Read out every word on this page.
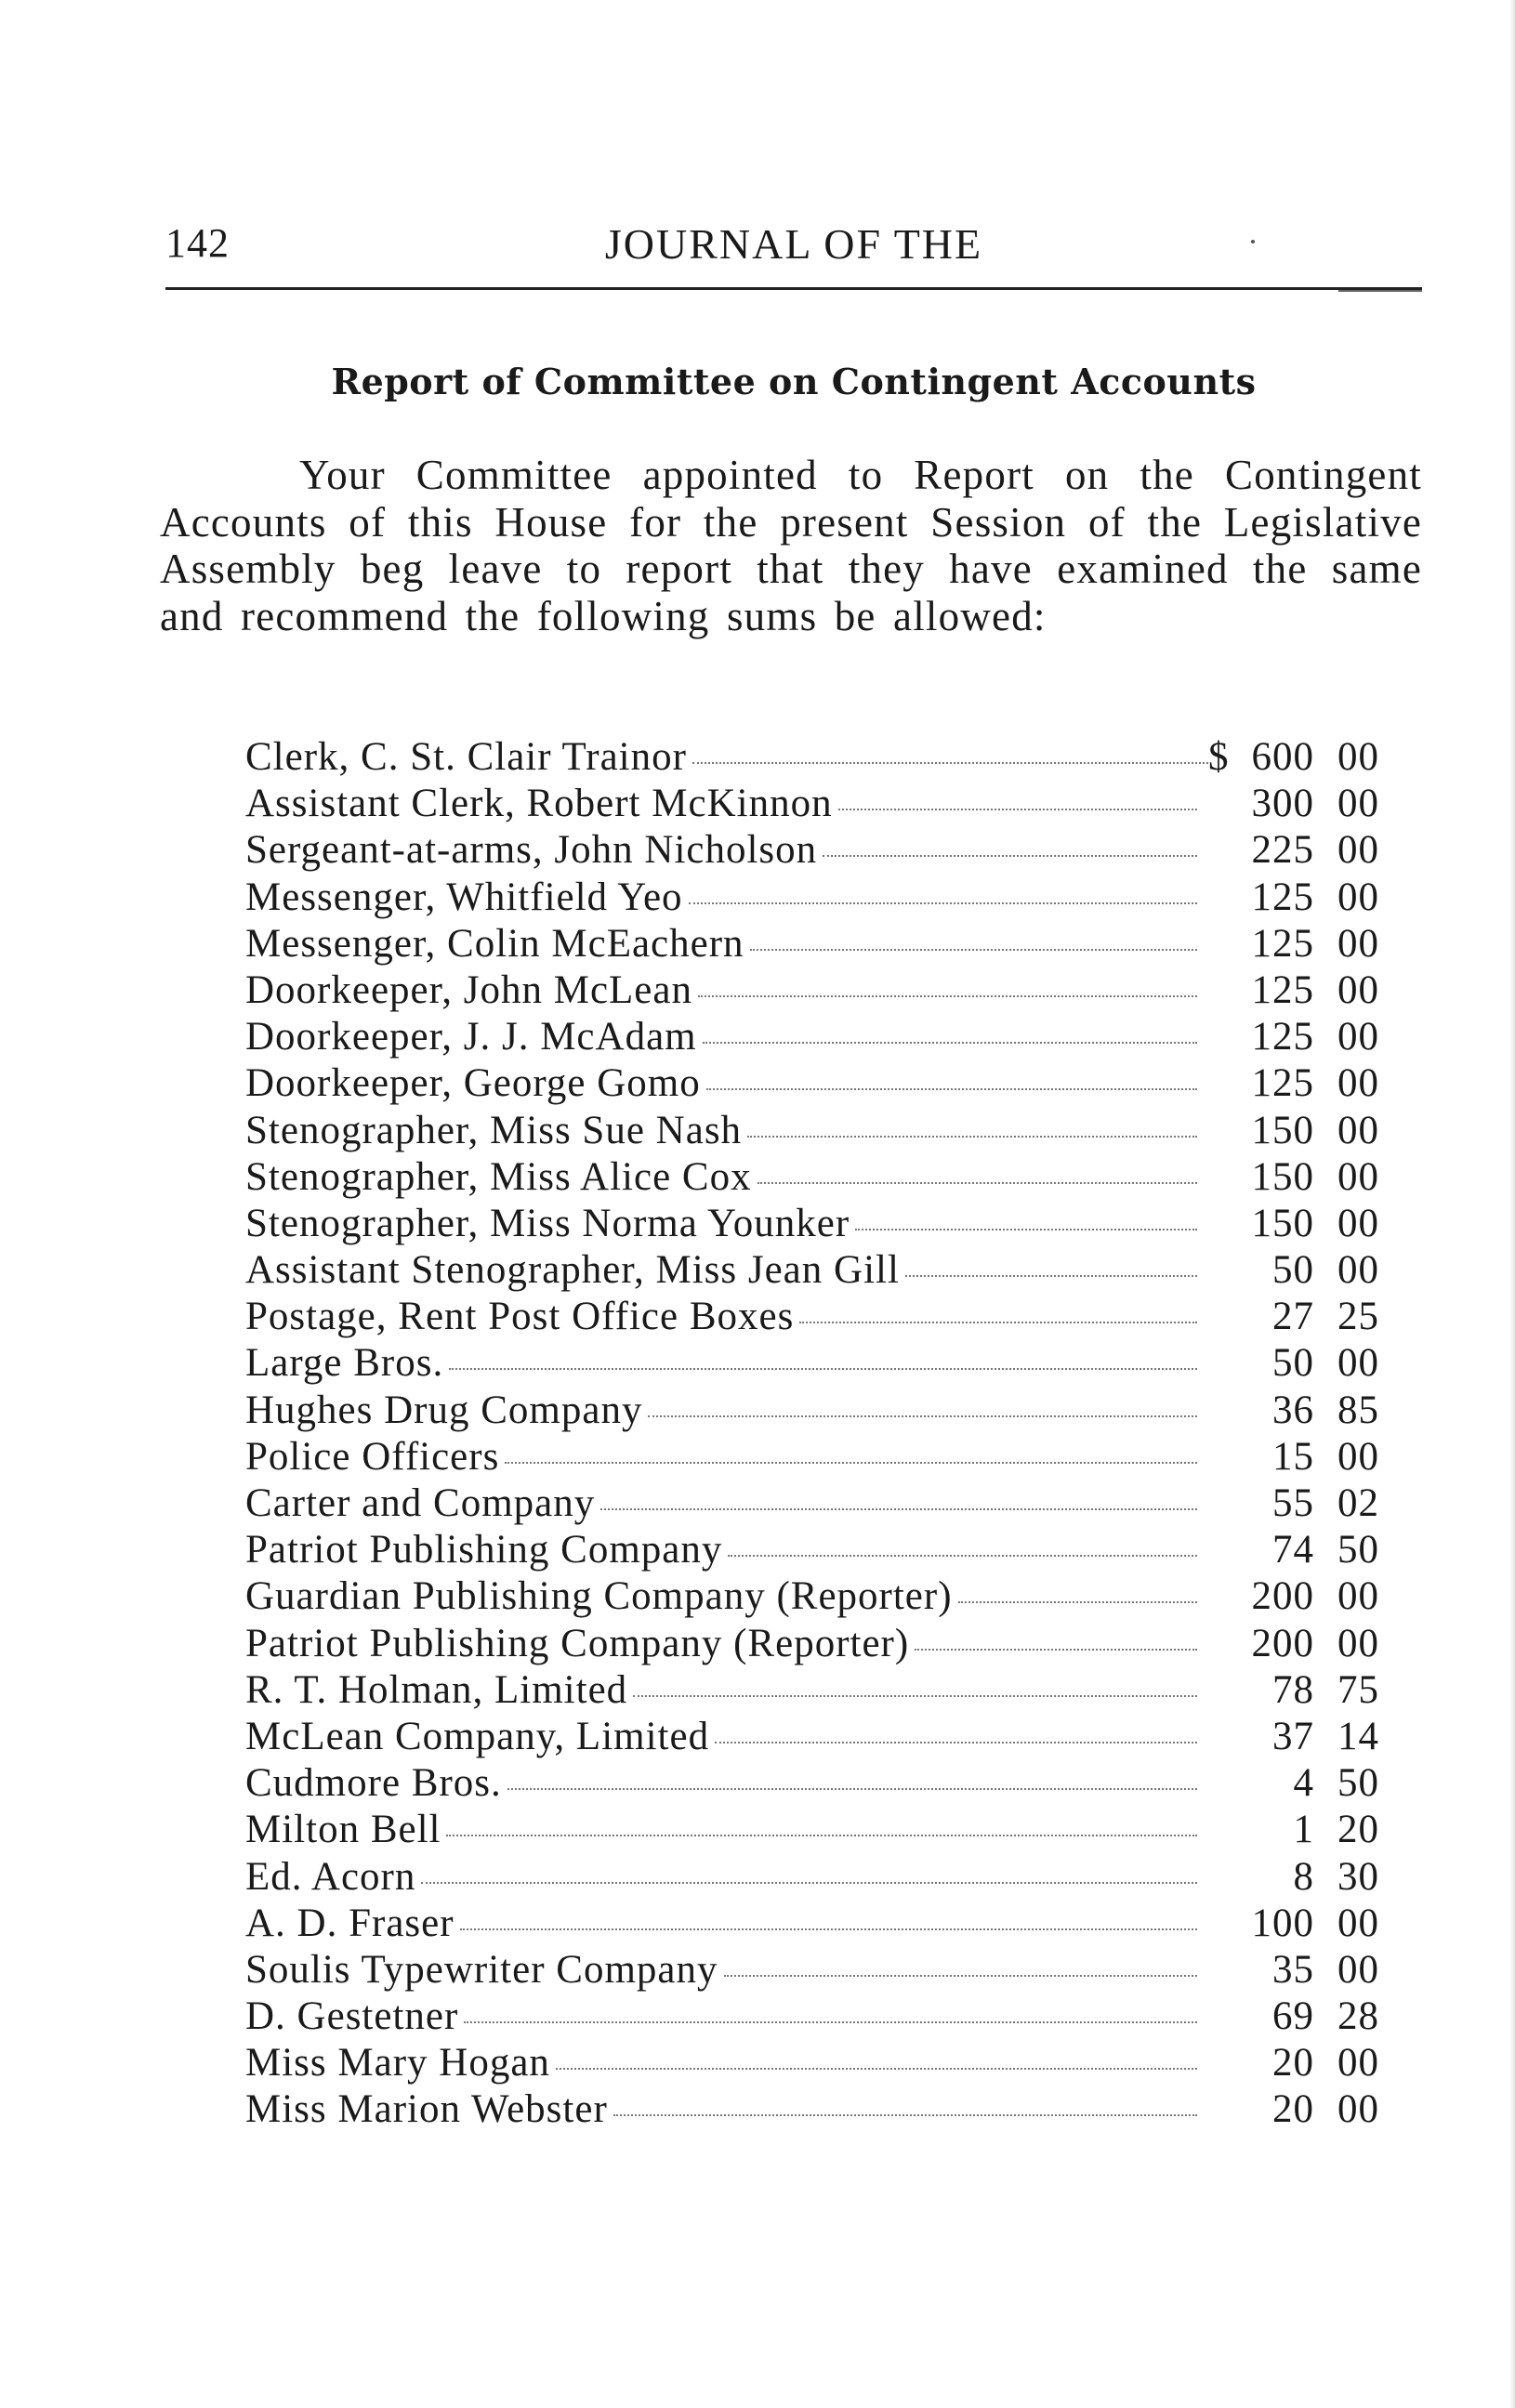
142	JOURNAL OF THE
Report of Committee on Contingent Accounts

Your Committee appointed to Report on the Contingent Accounts of this House for the present Session of the Legislative Assembly beg leave to report that they have examined the same and recommend the following sums be allowed:

Clerk, C. St. Clair Trainor	$ 600 00
Assistant Clerk, Robert McKinnon	300 00
Sergeant-at-arms, John Nicholson	225 00
Messenger, Whitfield Yeo	125 00
Messenger, Colin McEachern	125 00
Doorkeeper, John McLean	125 00
Doorkeeper, J. J. McAdam	125 00
Doorkeeper, George Gomo	125 00
Stenographer, Miss Sue Nash	150 00
Stenographer, Miss Alice Cox	150 00
Stenographer, Miss Norma Younker	150 00
Assistant Stenographer, Miss Jean Gill	50 00
Postage, Rent Post Office Boxes	27 25
Large Bros.	50 00
Hughes Drug Company	36 85
Police Officers	15 00
Carter and Company	55 02
Patriot Publishing Company	74 50
Guardian Publishing Company (Reporter)	200 00
Patriot Publishing Company (Reporter)	200 00
R. T. Holman, Limited	78 75
McLean Company, Limited	37 14
Cudmore Bros.	4 50
Milton Bell	1 20
Ed. Acorn	8 30
A. D. Fraser	100 00
Soulis Typewriter Company	35 00
D. Gestetner	69 28
Miss Mary Hogan	20 00
Miss Marion Webster	20 00
